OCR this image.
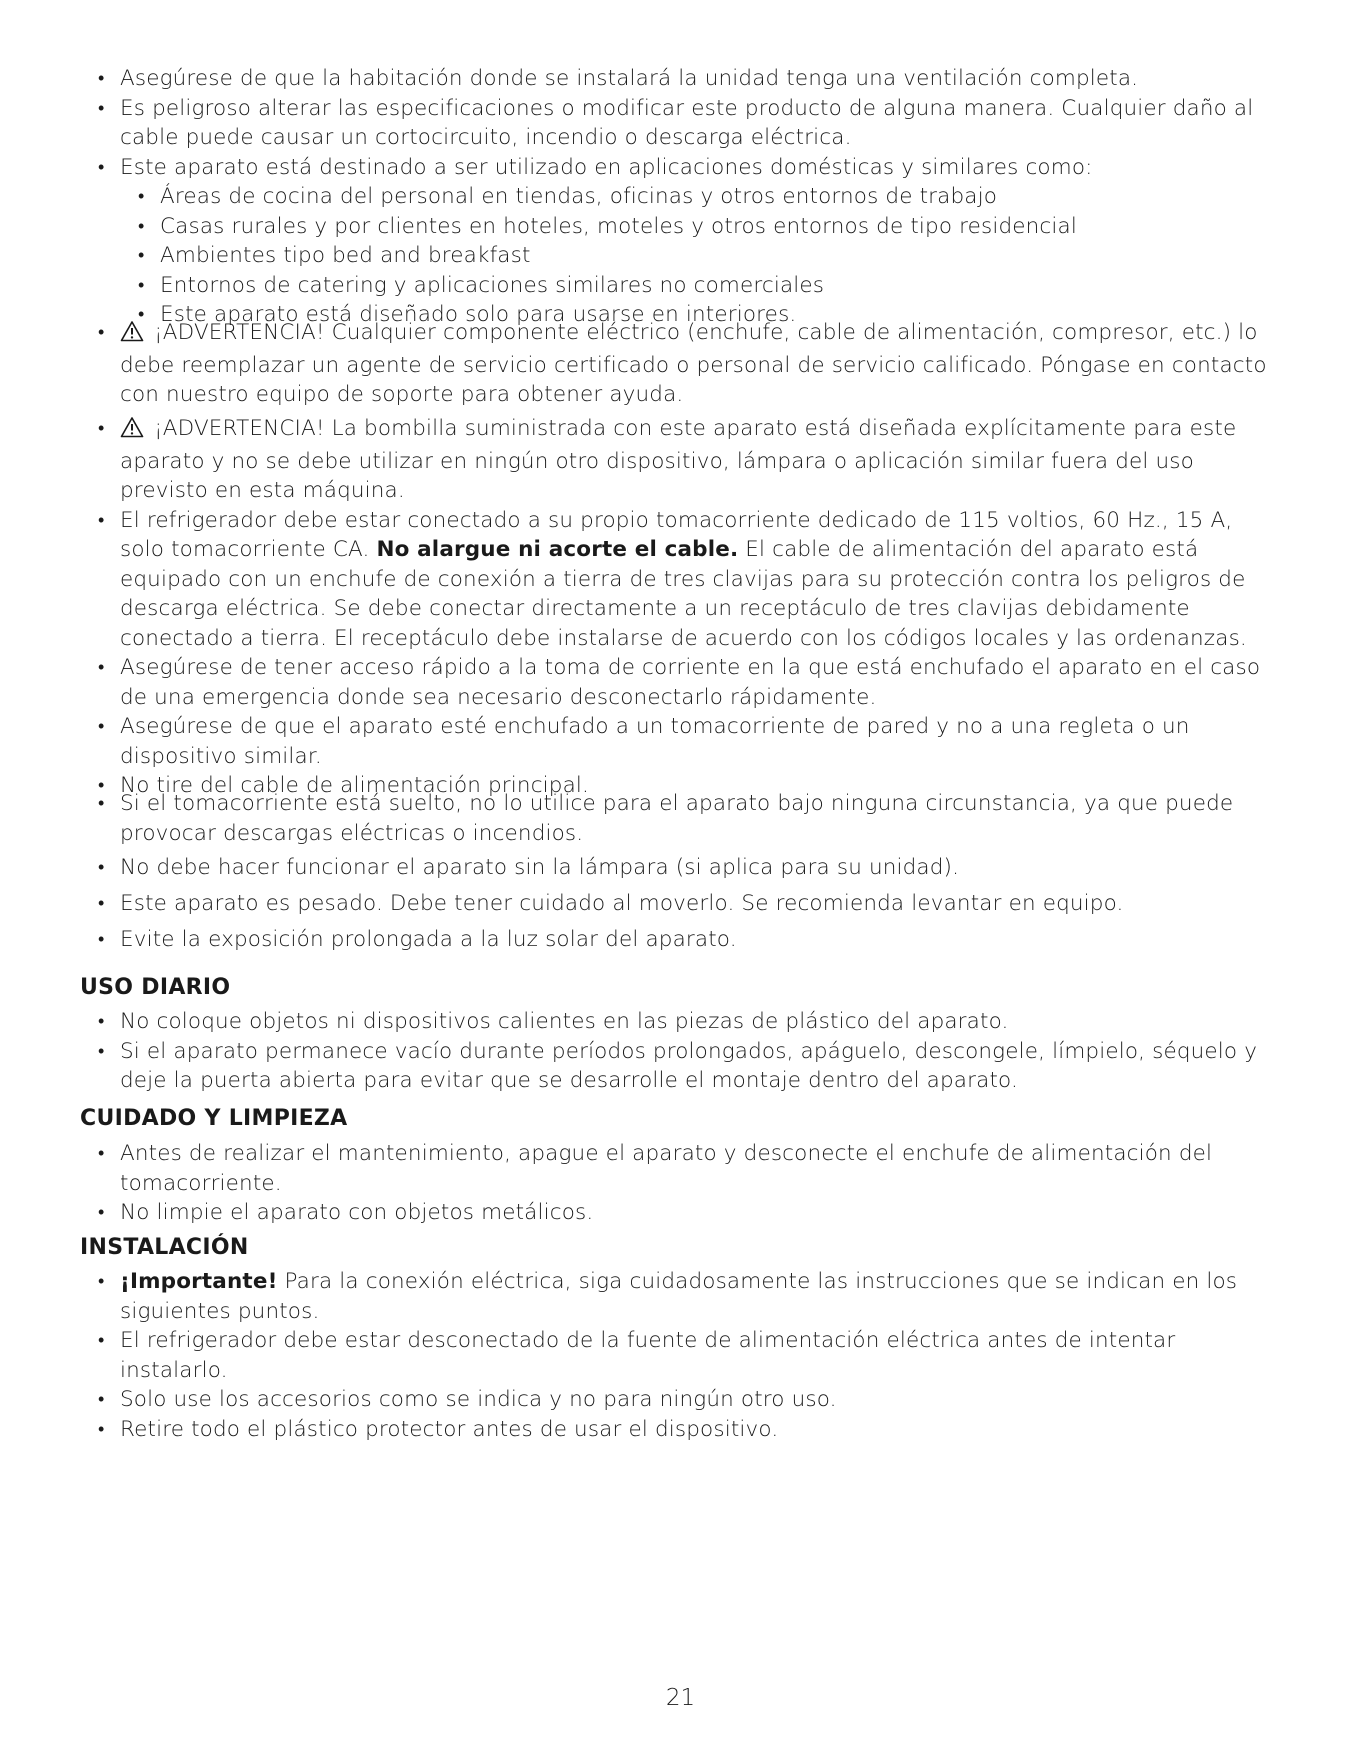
• Asegúrese de que la habitación donde se instalará la unidad tenga una ventilación completa.
• Es peligroso alterar las especificaciones o modificar este producto de alguna manera. Cualquier daño al cable puede causar un cortocircuito, incendio o descarga eléctrica.
• Este aparato está destinado a ser utilizado en aplicaciones domésticas y similares como:
• Áreas de cocina del personal en tiendas, oficinas y otros entornos de trabajo
• Casas rurales y por clientes en hoteles, moteles y otros entornos de tipo residencial
• Ambientes tipo bed and breakfast
• Entornos de catering y aplicaciones similares no comerciales
• Este aparato está diseñado solo para usarse en interiores.
• ¡ADVERTENCIA! Cualquier componente eléctrico (enchufe, cable de alimentación, compresor, etc.) lo debe reemplazar un agente de servicio certificado o personal de servicio calificado. Póngase en contacto con nuestro equipo de soporte para obtener ayuda.
• ¡ADVERTENCIA! La bombilla suministrada con este aparato está diseñada explícitamente para este aparato y no se debe utilizar en ningún otro dispositivo, lámpara o aplicación similar fuera del uso previsto en esta máquina.
• El refrigerador debe estar conectado a su propio tomacorriente dedicado de 115 voltios, 60 Hz., 15 A, solo tomacorriente CA. No alargue ni acorte el cable. El cable de alimentación del aparato está equipado con un enchufe de conexión a tierra de tres clavijas para su protección contra los peligros de descarga eléctrica. Se debe conectar directamente a un receptáculo de tres clavijas debidamente conectado a tierra. El receptáculo debe instalarse de acuerdo con los códigos locales y las ordenanzas.
• Asegúrese de tener acceso rápido a la toma de corriente en la que está enchufado el aparato en el caso de una emergencia donde sea necesario desconectarlo rápidamente.
• Asegúrese de que el aparato esté enchufado a un tomacorriente de pared y no a una regleta o un dispositivo similar.
• No tire del cable de alimentación principal.
• Si el tomacorriente está suelto, no lo utilice para el aparato bajo ninguna circunstancia, ya que puede provocar descargas eléctricas o incendios.
• No debe hacer funcionar el aparato sin la lámpara (si aplica para su unidad).
• Este aparato es pesado. Debe tener cuidado al moverlo. Se recomienda levantar en equipo.
• Evite la exposición prolongada a la luz solar del aparato.
USO DIARIO
• No coloque objetos ni dispositivos calientes en las piezas de plástico del aparato.
• Si el aparato permanece vacío durante períodos prolongados, apáguelo, descongele, límpielo, séquelo y deje la puerta abierta para evitar que se desarrolle el montaje dentro del aparato.
CUIDADO Y LIMPIEZA
• Antes de realizar el mantenimiento, apague el aparato y desconecte el enchufe de alimentación del tomacorriente.
• No limpie el aparato con objetos metálicos.
INSTALACIÓN
• ¡Importante! Para la conexión eléctrica, siga cuidadosamente las instrucciones que se indican en los siguientes puntos.
• El refrigerador debe estar desconectado de la fuente de alimentación eléctrica antes de intentar instalarlo.
• Solo use los accesorios como se indica y no para ningún otro uso.
• Retire todo el plástico protector antes de usar el dispositivo.
21
